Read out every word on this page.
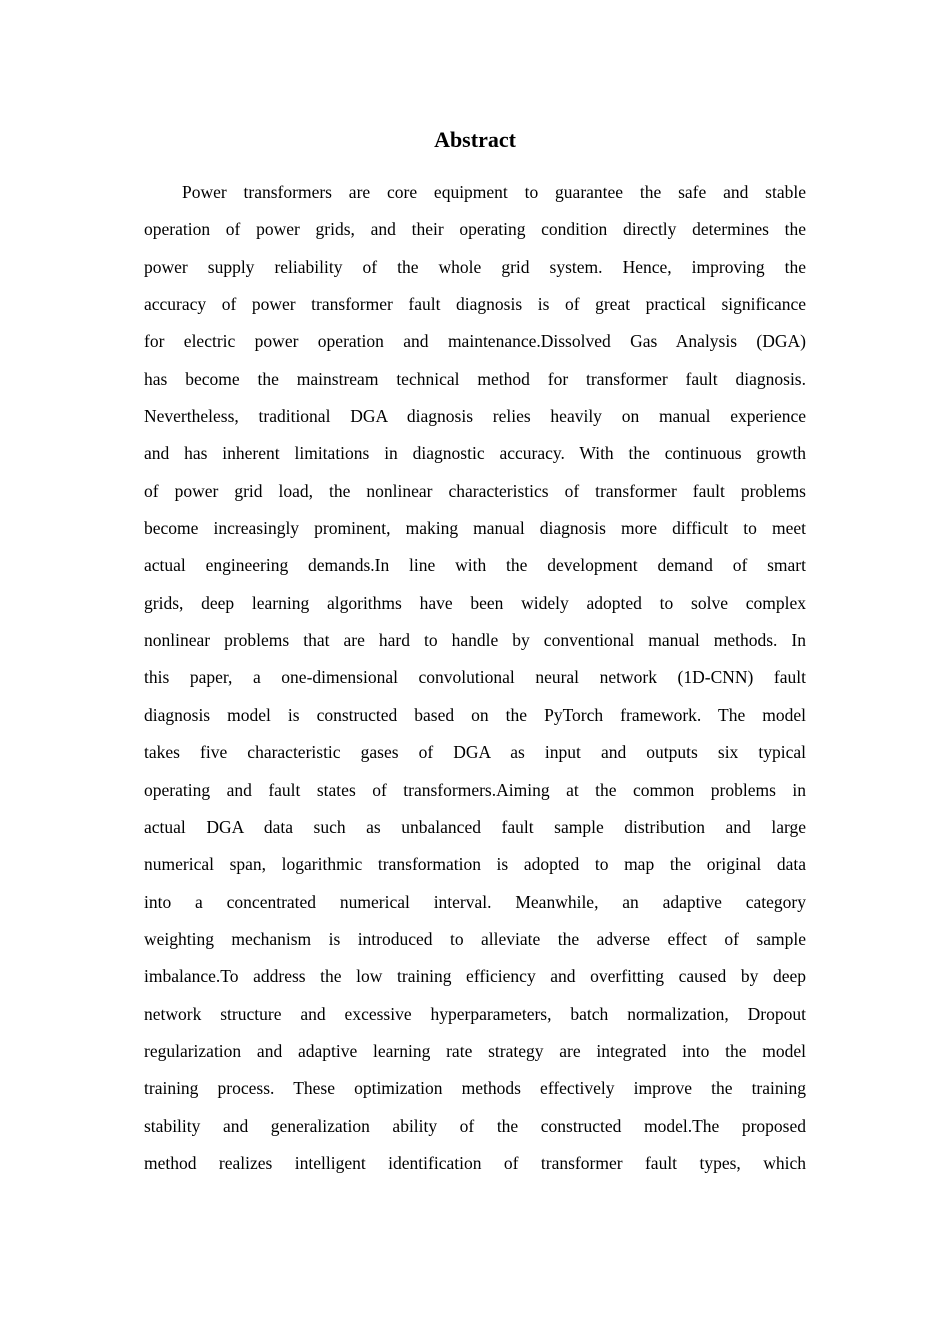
Abstract
Power transformers are core equipment to guarantee the safe and stable
operation of power grids, and their operating condition directly determines the
power supply reliability of the whole grid system. Hence, improving the
accuracy of power transformer fault diagnosis is of great practical significance
for electric power operation and maintenance.Dissolved Gas Analysis (DGA)
has become the mainstream technical method for transformer fault diagnosis.
Nevertheless, traditional DGA diagnosis relies heavily on manual experience
and has inherent limitations in diagnostic accuracy. With the continuous growth
of power grid load, the nonlinear characteristics of transformer fault problems
become increasingly prominent, making manual diagnosis more difficult to meet
actual engineering demands.In line with the development demand of smart
grids, deep learning algorithms have been widely adopted to solve complex
nonlinear problems that are hard to handle by conventional manual methods. In
this paper, a one-dimensional convolutional neural network (1D-CNN) fault
diagnosis model is constructed based on the PyTorch framework. The model
takes five characteristic gases of DGA as input and outputs six typical
operating and fault states of transformers.Aiming at the common problems in
actual DGA data such as unbalanced fault sample distribution and large
numerical span, logarithmic transformation is adopted to map the original data
into a concentrated numerical interval. Meanwhile, an adaptive category
weighting mechanism is introduced to alleviate the adverse effect of sample
imbalance.To address the low training efficiency and overfitting caused by deep
network structure and excessive hyperparameters, batch normalization, Dropout
regularization and adaptive learning rate strategy are integrated into the model
training process. These optimization methods effectively improve the training
stability and generalization ability of the constructed model.The proposed
method realizes intelligent identification of transformer fault types, which
